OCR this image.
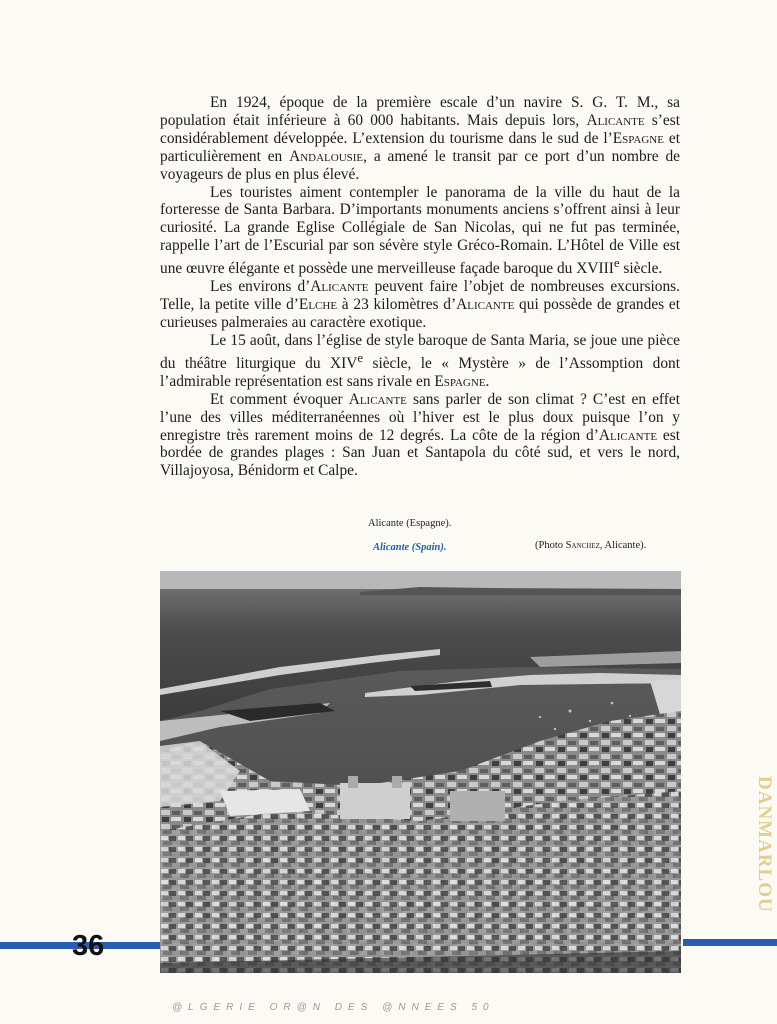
En 1924, époque de la première escale d’un navire S. G. T. M., sa population était inférieure à 60 000 habitants. Mais depuis lors, Alicante s’est considérablement développée. L’extension du tourisme dans le sud de l’Espagne et particulièrement en Andalousie, a amené le transit par ce port d’un nombre de voyageurs de plus en plus élevé.

Les touristes aiment contempler le panorama de la ville du haut de la forteresse de Santa Barbara. D’importants monuments anciens s’offrent ainsi à leur curiosité. La grande Eglise Collégiale de San Nicolas, qui ne fut pas terminée, rappelle l’art de l’Escurial par son sévère style Gréco-Romain. L’Hôtel de Ville est une œuvre élégante et possède une merveilleuse façade baroque du XVIIIe siècle.

Les environs d’Alicante peuvent faire l’objet de nombreuses excursions. Telle, la petite ville d’Elche à 23 kilomètres d’Alicante qui possède de grandes et curieuses palmeraies au caractère exotique.

Le 15 août, dans l’église de style baroque de Santa Maria, se joue une pièce du théâtre liturgique du XIVe siècle, le « Mystère » de l’Assomption dont l’admirable représentation est sans rivale en Espagne.

Et comment évoquer Alicante sans parler de son climat ? C’est en effet l’une des villes méditerranéennes où l’hiver est le plus doux puisque l’on y enregistre très rarement moins de 12 degrés. La côte de la région d’Alicante est bordée de grandes plages : San Juan et Santapola du côté sud, et vers le nord, Villajoyosa, Bénidorm et Calpe.

Alicante (Espagne).
Alicante (Spain).	(Photo Sanchez, Alicante).
36
DANMARLOU
@LGERIE OR@N DES @NNEES 50
